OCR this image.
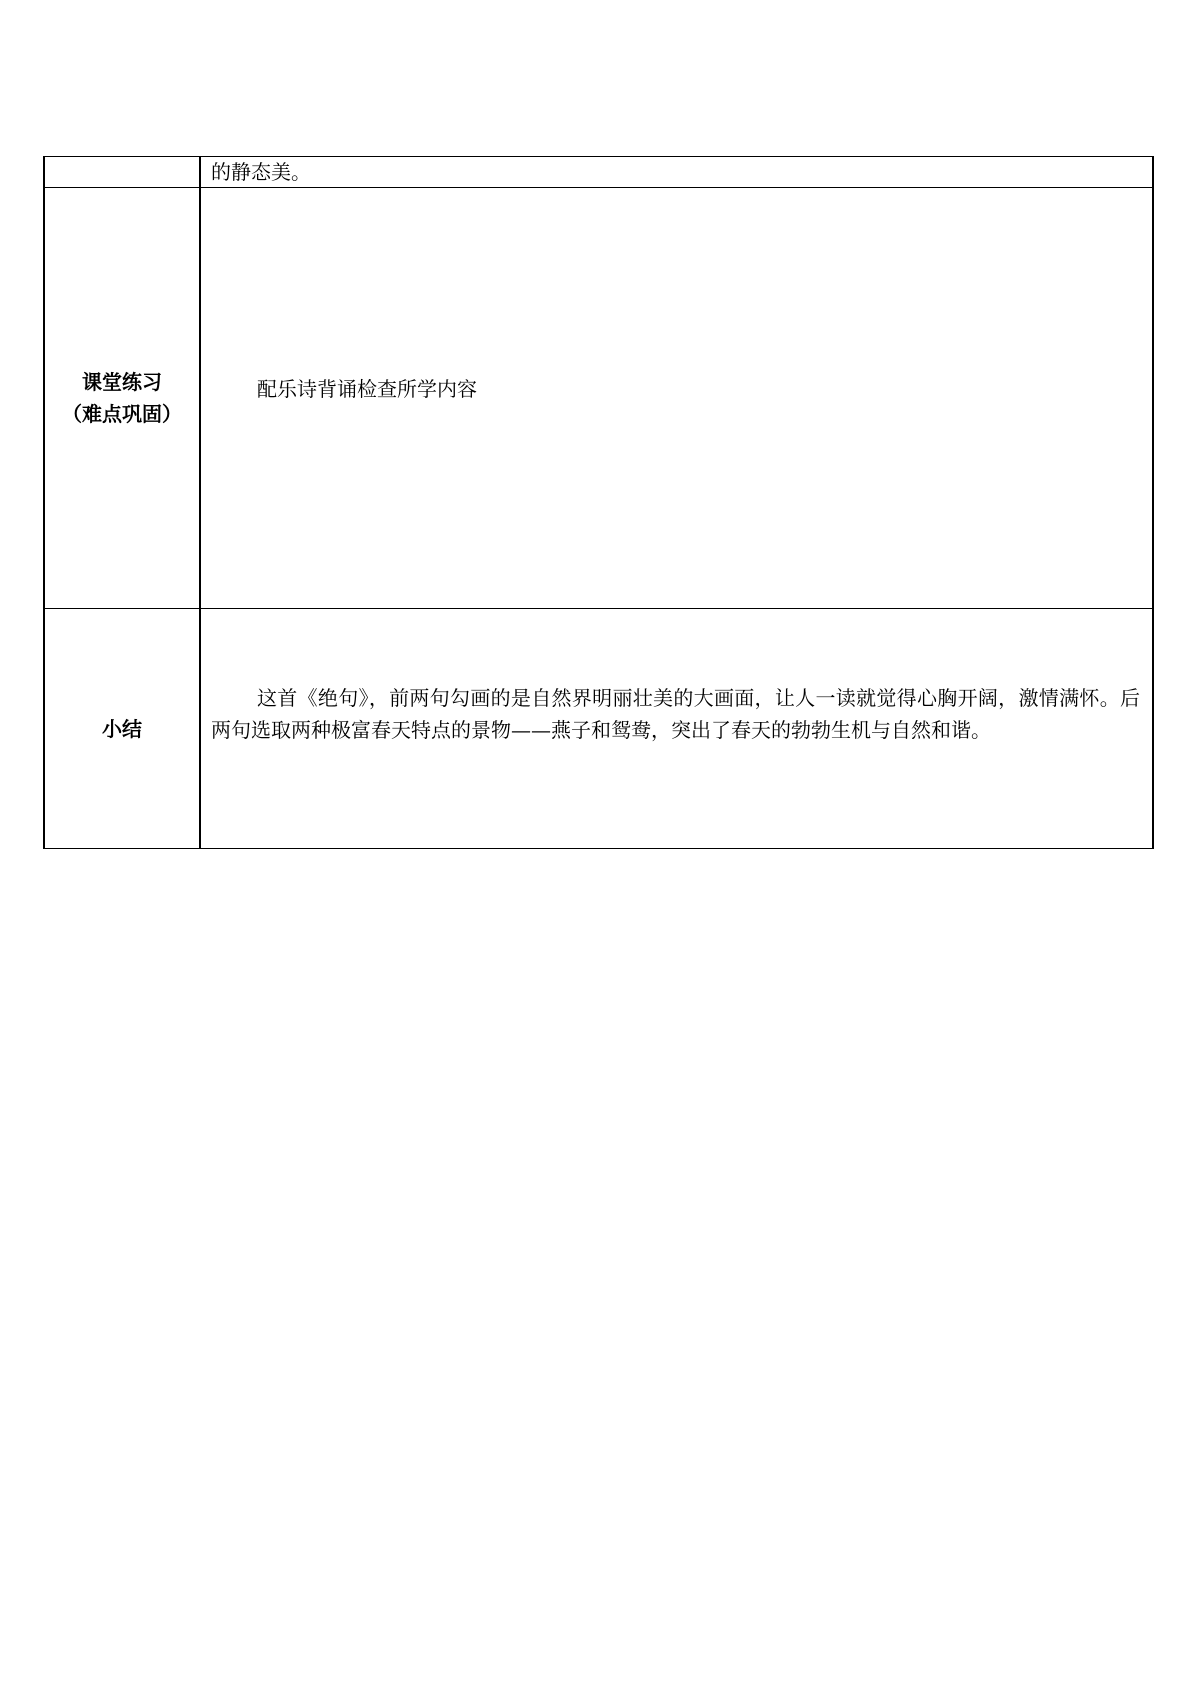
	的静态美。

课堂练习
（难点巩固）	配乐诗背诵检查所学内容

小结	这首《绝句》，前两句勾画的是自然界明丽壮美的大画面，让人一读就觉得心胸开阔，激情满怀。后两句选取两种极富春天特点的景物——燕子和鸳鸯，突出了春天的勃勃生机与自然和谐。
